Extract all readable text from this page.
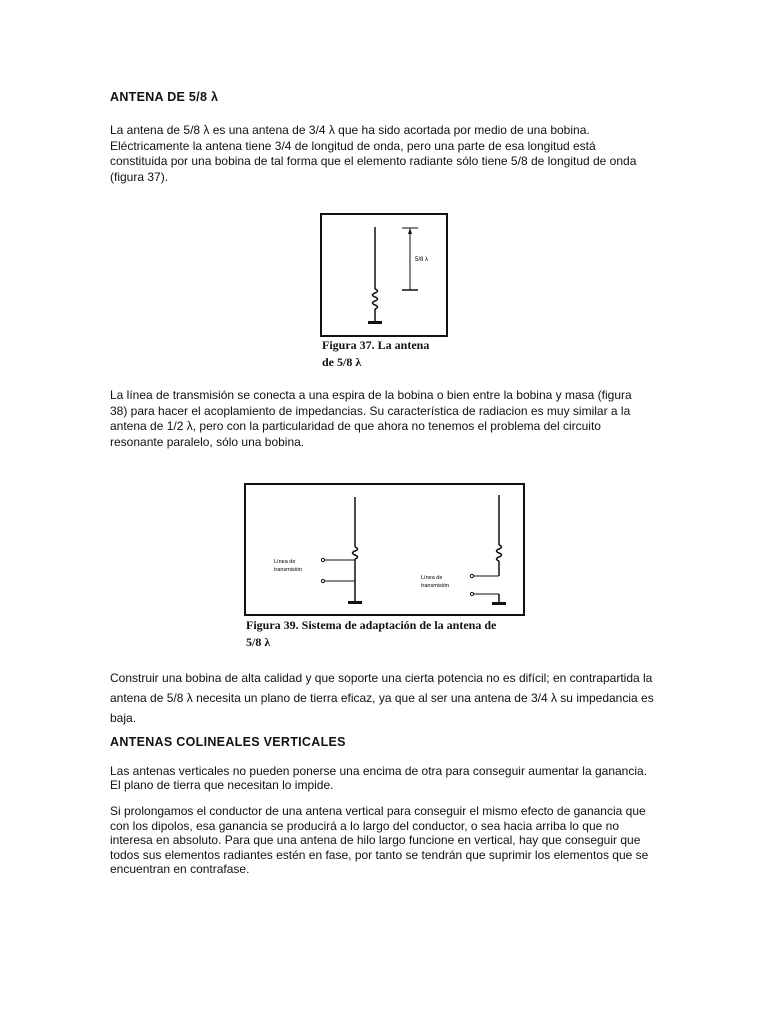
ANTENA DE 5/8 λ

La antena de 5/8 λ es una antena de 3/4 λ que ha sido acortada por medio de una bobina. Eléctricamente la antena tiene 3/4 de longitud de onda, pero una parte de esa longitud está constituida por una bobina de tal forma que el elemento radiante sólo tiene 5/8 de longitud de onda (figura 37).

5/8 λ
Figura 37. La antena
de 5/8 λ

La línea de transmisión se conecta a una espira de la bobina o bien entre la bobina y masa (figura 38) para hacer el acoplamiento de impedancias. Su característica de radiacion es muy similar a la antena de 1/2 λ, pero con la particularidad de que ahora no tenemos el problema del circuito resonante paralelo, sólo una bobina.

Línea de
transmisión
Línea de
transmisión
Figura 39. Sistema de adaptación de la antena de
5/8 λ

Construir una bobina de alta calidad y que soporte una cierta potencia no es difícil; en contrapartida la antena de 5/8 λ necesita un plano de tierra eficaz, ya que al ser una antena de 3/4 λ su impedancia es baja.

ANTENAS COLINEALES VERTICALES

Las antenas verticales no pueden ponerse una encima de otra para conseguir aumentar la ganancia. El plano de tierra que necesitan lo impide.

Si prolongamos el conductor de una antena vertical para conseguir el mismo efecto de ganancia que con los dipolos, esa ganancia se producirá a lo largo del conductor, o sea hacia arriba lo que no interesa en absoluto. Para que una antena de hilo largo funcione en vertical, hay que conseguir que todos sus elementos radiantes estén en fase, por tanto se tendrán que suprimir los elementos que se encuentran en contrafase.
